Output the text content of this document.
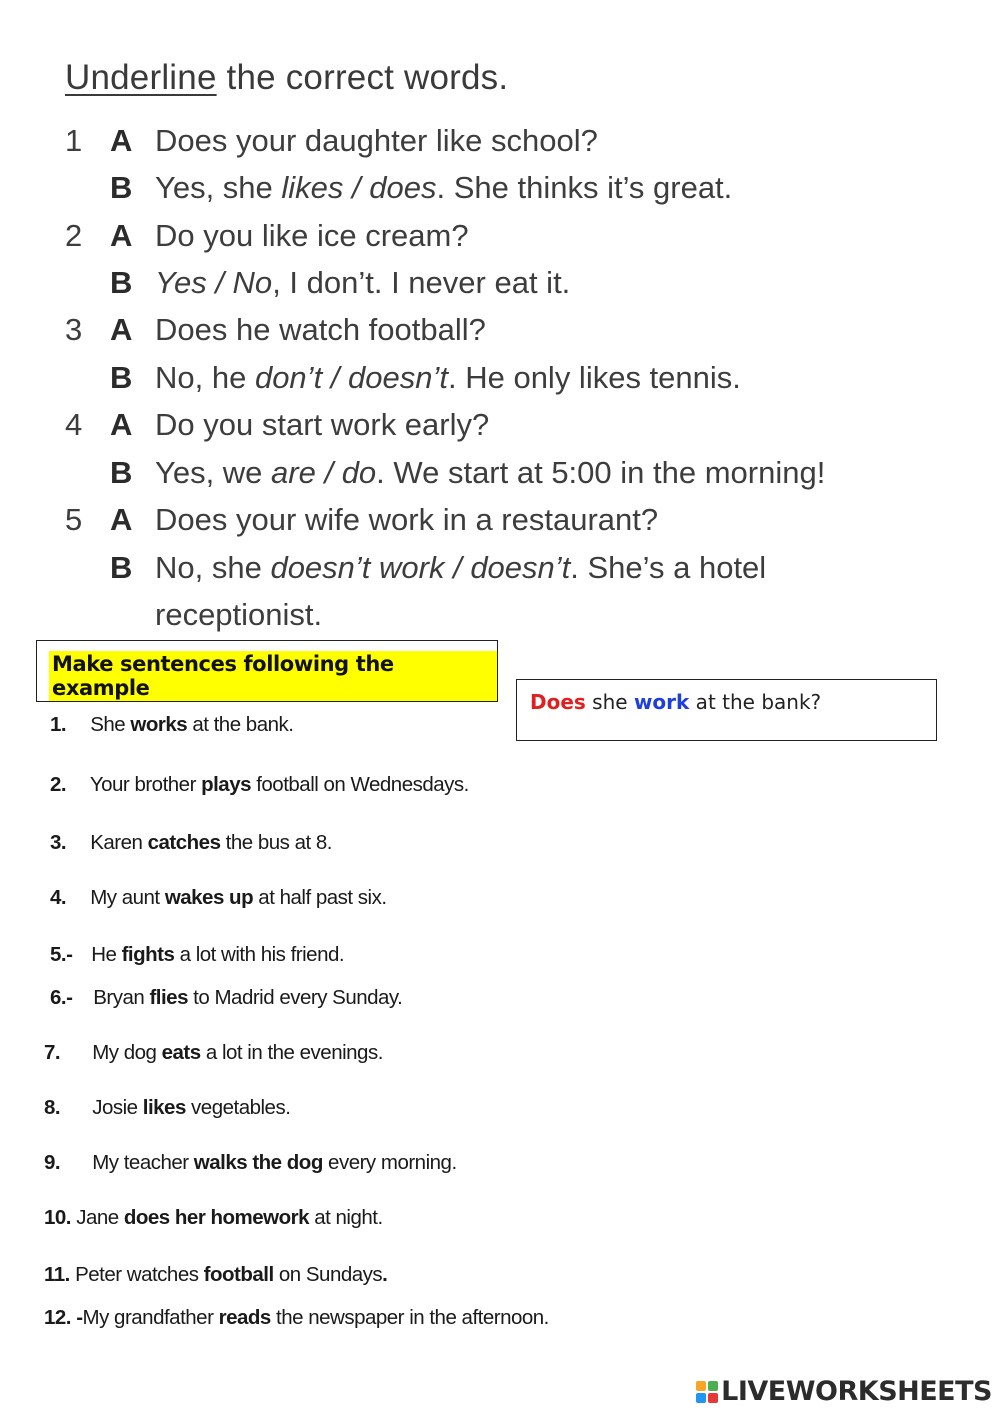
Underline the correct words.
1 A Does your daughter like school?
B Yes, she likes / does. She thinks it’s great.
2 A Do you like ice cream?
B Yes / No, I don’t. I never eat it.
3 A Does he watch football?
B No, he don’t / doesn’t. He only likes tennis.
4 A Do you start work early?
B Yes, we are / do. We start at 5:00 in the morning!
5 A Does your wife work in a restaurant?
B No, she doesn’t work / doesn’t. She’s a hotel
receptionist.
Make sentences following the example
Does she work at the bank?
1. She works at the bank.
2. Your brother plays football on Wednesdays.
3. Karen catches the bus at 8.
4. My aunt wakes up at half past six.
5.- He fights a lot with his friend.
6.- Bryan flies to Madrid every Sunday.
7. My dog eats a lot in the evenings.
8. Josie likes vegetables.
9. My teacher walks the dog every morning.
10. Jane does her homework at night.
11. Peter watches football on Sundays.
12. -My grandfather reads the newspaper in the afternoon.
LIVEWORKSHEETS
